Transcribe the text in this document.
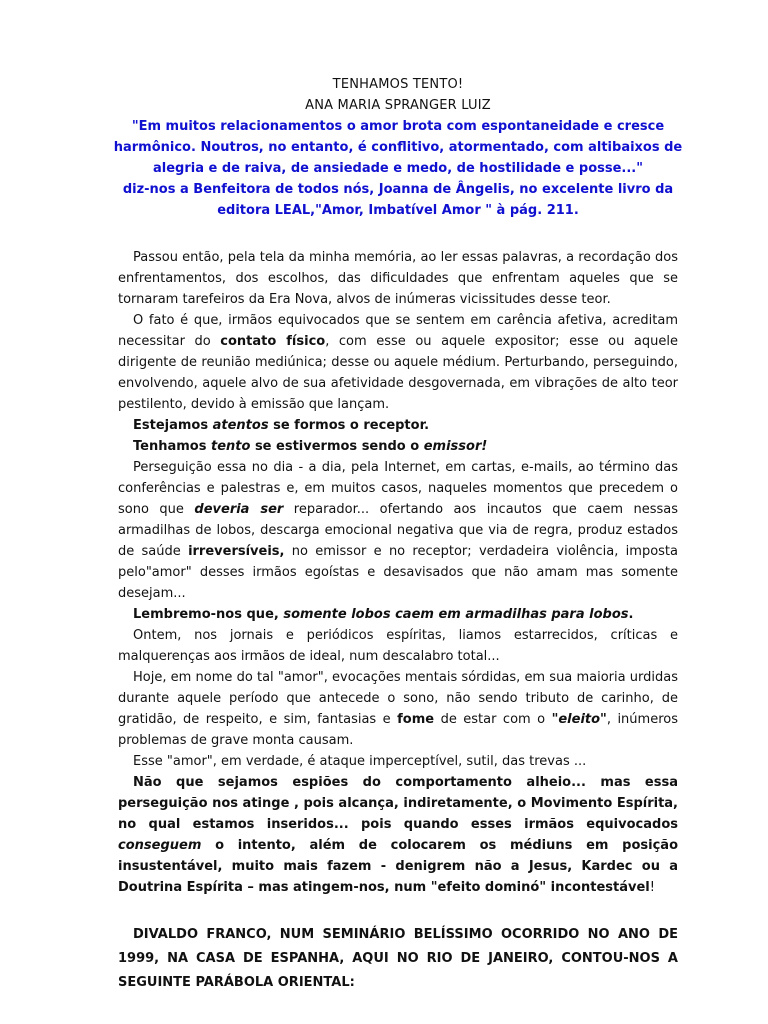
TENHAMOS TENTO!
ANA MARIA SPRANGER LUIZ
"Em muitos relacionamentos o amor brota com espontaneidade e cresce
harmônico. Noutros, no entanto, é conflitivo, atormentado, com altibaixos de
alegria e de raiva, de ansiedade e medo, de hostilidade e posse..."
diz-nos a Benfeitora de todos nós, Joanna de Ângelis, no excelente livro da
editora LEAL,"Amor, Imbatível Amor " à pág. 211.

Passou então, pela tela da minha memória, ao ler essas palavras, a recordação dos enfrentamentos, dos escolhos, das dificuldades que enfrentam aqueles que se tornaram tarefeiros da Era Nova, alvos de inúmeras vicissitudes desse teor.

O fato é que, irmãos equivocados que se sentem em carência afetiva, acreditam necessitar do contato físico, com esse ou aquele expositor; esse ou aquele dirigente de reunião mediúnica; desse ou aquele médium. Perturbando, perseguindo, envolvendo, aquele alvo de sua afetividade desgovernada, em vibrações de alto teor pestilento, devido à emissão que lançam.

Estejamos atentos se formos o receptor.

Tenhamos tento se estivermos sendo o emissor!

Perseguição essa no dia - a dia, pela Internet, em cartas, e-mails, ao término das conferências e palestras e, em muitos casos, naqueles momentos que precedem o sono que deveria ser reparador... ofertando aos incautos que caem nessas armadilhas de lobos, descarga emocional negativa que via de regra, produz estados de saúde irreversíveis, no emissor e no receptor; verdadeira violência, imposta pelo"amor" desses irmãos egoístas e desavisados que não amam mas somente desejam...

Lembremo-nos que, somente lobos caem em armadilhas para lobos.

Ontem, nos jornais e periódicos espíritas, liamos estarrecidos, críticas e malquerenças aos irmãos de ideal, num descalabro total...

Hoje, em nome do tal "amor", evocações mentais sórdidas, em sua maioria urdidas durante aquele período que antecede o sono, não sendo tributo de carinho, de gratidão, de respeito, e sim, fantasias e fome de estar com o "eleito", inúmeros problemas de grave monta causam.

Esse "amor", em verdade, é ataque imperceptível, sutil, das trevas ...

Não que sejamos espiões do comportamento alheio... mas essa perseguição nos atinge , pois alcança, indiretamente, o Movimento Espírita, no qual estamos inseridos... pois quando esses irmãos equivocados conseguem o intento, além de colocarem os médiuns em posição insustentável, muito mais fazem - denigrem não a Jesus, Kardec ou a Doutrina Espírita – mas atingem-nos, num "efeito dominó" incontestável!

DIVALDO FRANCO, NUM SEMINÁRIO BELÍSSIMO OCORRIDO NO ANO DE 1999, NA CASA DE ESPANHA, AQUI NO RIO DE JANEIRO, CONTOU-NOS A SEGUINTE PARÁBOLA ORIENTAL:
